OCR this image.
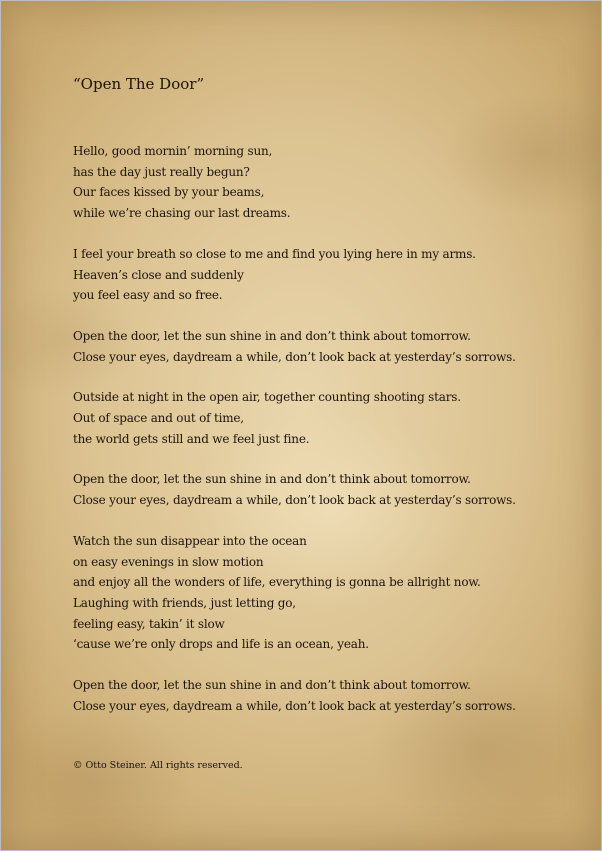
“Open The Door”
Hello, good mornin’ morning sun,
has the day just really begun?
Our faces kissed by your beams,
while we’re chasing our last dreams.
I feel your breath so close to me and find you lying here in my arms.
Heaven’s close and suddenly
you feel easy and so free.
Open the door, let the sun shine in and don’t think about tomorrow.
Close your eyes, daydream a while, don’t look back at yesterday’s sorrows.
Outside at night in the open air, together counting shooting stars.
Out of space and out of time,
the world gets still and we feel just fine.
Open the door, let the sun shine in and don’t think about tomorrow.
Close your eyes, daydream a while, don’t look back at yesterday’s sorrows.
Watch the sun disappear into the ocean
on easy evenings in slow motion
and enjoy all the wonders of life, everything is gonna be allright now.
Laughing with friends, just letting go,
feeling easy, takin’ it slow
‘cause we’re only drops and life is an ocean, yeah.
Open the door, let the sun shine in and don’t think about tomorrow.
Close your eyes, daydream a while, don’t look back at yesterday’s sorrows.
© Otto Steiner. All rights reserved.
